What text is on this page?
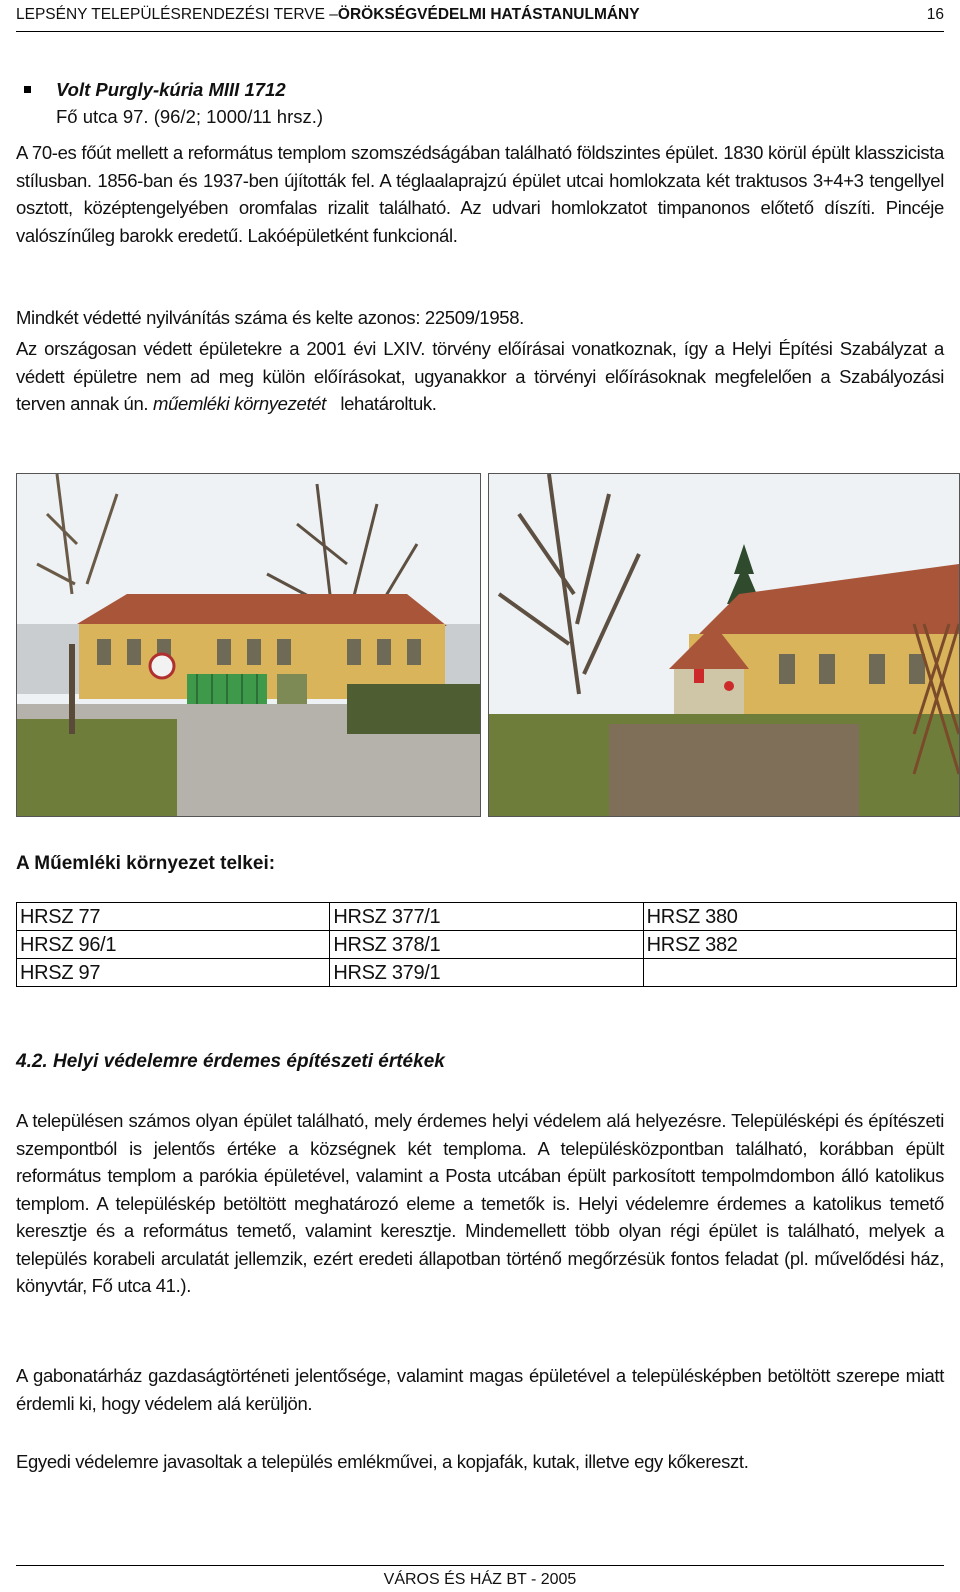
LEPSÉNY TELEPÜLÉSRENDEZÉSI TERVE –ÖRÖKSÉGVÉDELMI HATÁSTANULMÁNY	16
Volt Purgly-kúria MIII 1712
Fő utca 97. (96/2; 1000/11 hrsz.)
A 70-es főút mellett a református templom szomszédságában található földszintes épület. 1830 körül épült klasszicista stílusban. 1856-ban és 1937-ben újították fel. A téglaalaprajzú épület utcai homlokzata két traktusos 3+4+3 tengellyel osztott, középtengelyében oromfalas rizalit található. Az udvari homlokzatot timpanonos előtető díszíti. Pincéje valószínűleg barokk eredetű. Lakóépületként funkcionál.
Mindkét védetté nyilvánítás száma és kelte azonos: 22509/1958.
Az országosan védett épületekre a 2001 évi LXIV. törvény előírásai vonatkoznak, így a Helyi Építési Szabályzat a védett épületre nem ad meg külön előírásokat, ugyanakkor a törvényi előírásoknak megfelelően a Szabályozási terven annak ún. műemléki környezetét lehatároltuk.
A Műemléki környezet telkei:
HRSZ 77	HRSZ 377/1	HRSZ 380
HRSZ 96/1	HRSZ 378/1	HRSZ 382
HRSZ 97	HRSZ 379/1	
4.2. Helyi védelemre érdemes építészeti értékek
A településen számos olyan épület található, mely érdemes helyi védelem alá helyezésre. Településképi és építészeti szempontból is jelentős értéke a községnek két temploma. A településközpontban található, korábban épült református templom a parókia épületével, valamint a Posta utcában épült parkosított tempolmdombon álló katolikus templom. A településkép betöltött meghatározó eleme a temetők is. Helyi védelemre érdemes a katolikus temető keresztje és a református temető, valamint keresztje. Mindemellett több olyan régi épület is található, melyek a település korabeli arculatát jellemzik, ezért eredeti állapotban történő megőrzésük fontos feladat (pl. művelődési ház, könyvtár, Fő utca 41.).
A gabonatárház gazdaságtörténeti jelentősége, valamint magas épületével a településképben betöltött szerepe miatt érdemli ki, hogy védelem alá kerüljön.
Egyedi védelemre javasoltak a település emlékművei, a kopjafák, kutak, illetve egy kőkereszt.
VÁROS ÉS HÁZ BT - 2005
